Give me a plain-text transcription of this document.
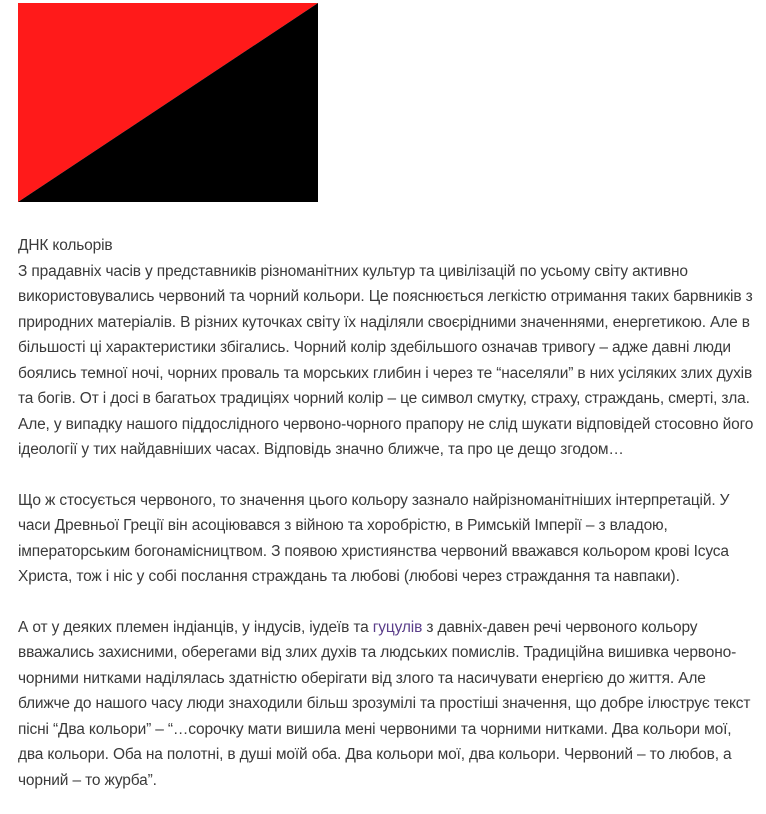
ДНК кольорів
З прадавніх часів у представників різноманітних культур та цивілізацій по усьому світу активно використовувались червоний та чорний кольори. Це пояснюється легкістю отримання таких барвників з природних матеріалів. В різних куточках світу їх наділяли своєрідними значеннями, енергетикою. Але в більшості ці характеристики збігались. Чорний колір здебільшого означав тривогу – адже давні люди боялись темної ночі, чорних проваль та морських глибин і через те “населяли” в них усіляких злих духів та богів. От і досі в багатьох традиціях чорний колір – це символ смутку, страху, страждань, смерті, зла. Але, у випадку нашого піддослідного червоно-чорного прапору не слід шукати відповідей стосовно його ідеології у тих найдавніших часах. Відповідь значно ближче, та про це дещо згодом…

Що ж стосується червоного, то значення цього кольору зазнало найрізноманітніших інтерпретацій. У часи Древньої Греції він асоціювався з війною та хоробрістю, в Римській Імперії – з владою, імператорським богонамісництвом. З появою християнства червоний вважався кольором крові Ісуса Христа, тож і ніс у собі послання страждань та любові (любові через страждання та навпаки).

А от у деяких племен індіанців, у індусів, іудеїв та гуцулів з давніх-давен речі червоного кольору вважались захисними, оберегами від злих духів та людських помислів. Традиційна вишивка червоно-чорними нитками наділялась здатністю оберігати від злого та насичувати енергією до життя. Але ближче до нашого часу люди знаходили більш зрозумілі та простіші значення, що добре ілюструє текст пісні “Два кольори” – “…сорочку мати вишила мені червоними та чорними нитками. Два кольори мої, два кольори. Оба на полотні, в душі моїй оба. Два кольори мої, два кольори. Червоний – то любов, а чорний – то журба”.
